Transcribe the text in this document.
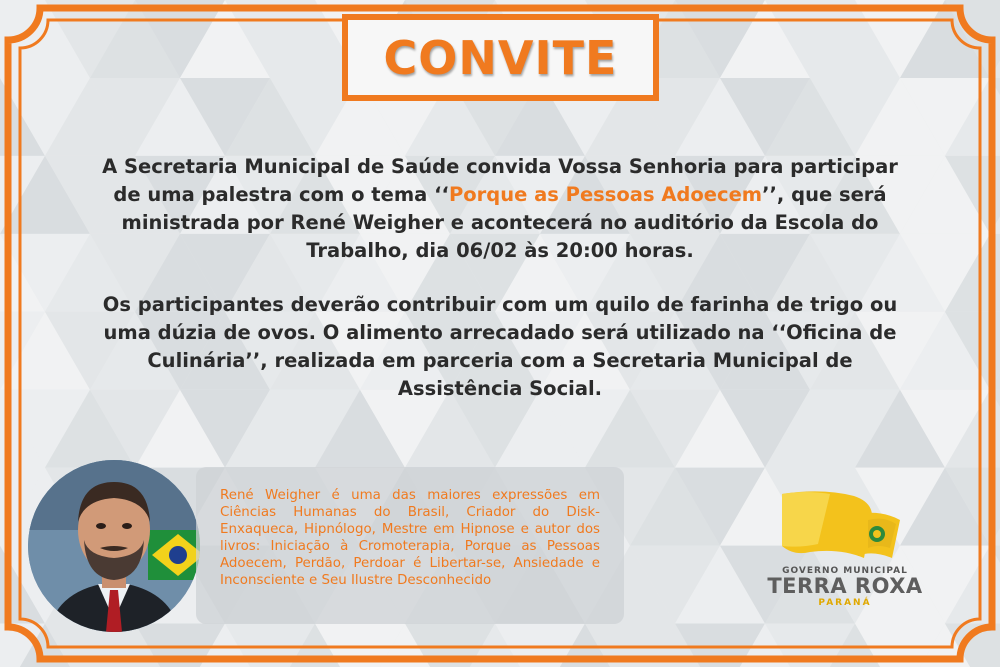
CONVITE
A Secretaria Municipal de Saúde convida Vossa Senhoria para participar de uma palestra com o tema ‘‘Porque as Pessoas Adoecem’’, que será ministrada por René Weigher e acontecerá no auditório da Escola do Trabalho, dia 06/02 às 20:00 horas.
Os participantes deverão contribuir com um quilo de farinha de trigo ou uma dúzia de ovos. O alimento arrecadado será utilizado na ‘‘Oficina de Culinária’’, realizada em parceria com a Secretaria Municipal de Assistência Social.
René Weigher é uma das maiores expressões em Ciências Humanas do Brasil, Criador do Disk-Enxaqueca, Hipnólogo, Mestre em Hipnose e autor dos livros: Iniciação à Cromoterapia, Porque as Pessoas Adoecem, Perdão, Perdoar é Libertar-se, Ansiedade e Inconsciente e Seu Ilustre Desconhecido
GOVERNO MUNICIPAL
TERRA ROXA
PARANÁ
